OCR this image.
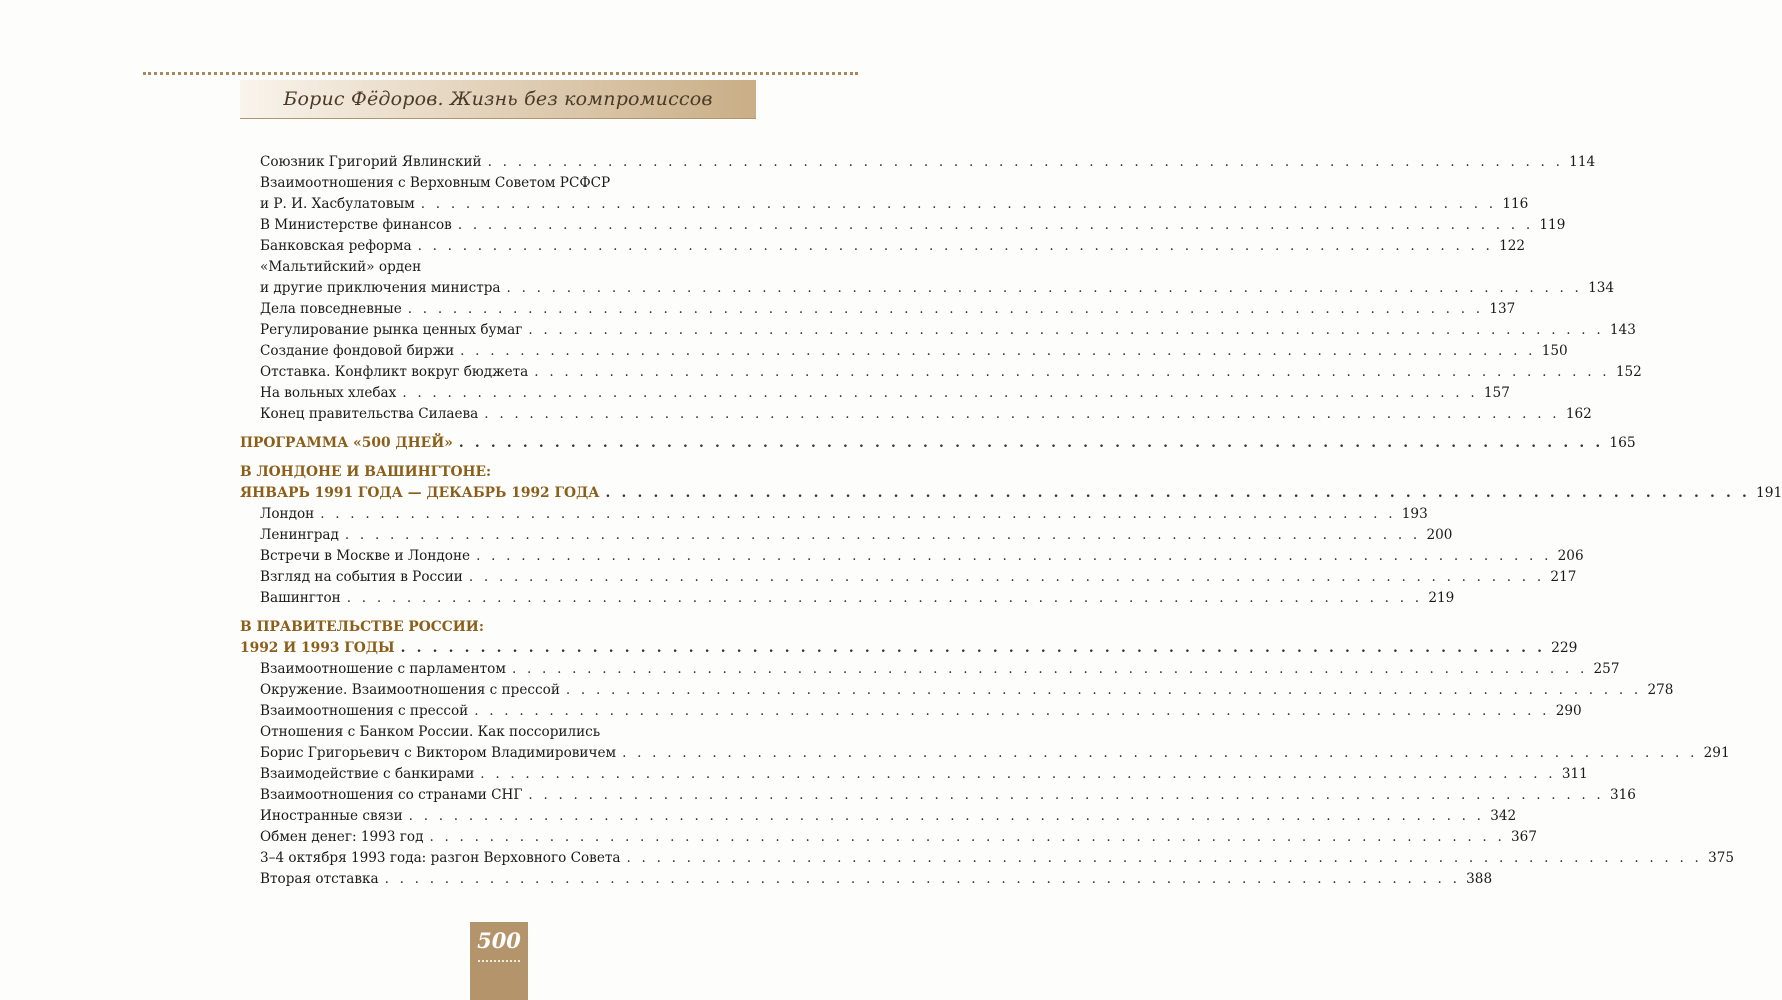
Борис Фёдоров. Жизнь без компромиссов
Союзник Григорий Явлинский . . . . . . . . . . . . . . . . . . . . . . . . . . . . . . . . . . . . . . . . . . . . . . . . . . . . . . . . . . . . . . . . . . . . . . . . 114
Взаимоотношения с Верховным Советом РСФСР
и Р. И. Хасбулатовым . . . . . . . . . . . . . . . . . . . . . . . . . . . . . . . . . . . . . . . . . . . . . . . . . . . . . . . . . . . . . . . . . . . . . . . . 116
В Министерстве финансов . . . . . . . . . . . . . . . . . . . . . . . . . . . . . . . . . . . . . . . . . . . . . . . . . . . . . . . . . . . . . . . . . . . . . . . . 119
Банковская реформа . . . . . . . . . . . . . . . . . . . . . . . . . . . . . . . . . . . . . . . . . . . . . . . . . . . . . . . . . . . . . . . . . . . . . . . . 122
«Мальтийский» орден
и другие приключения министра . . . . . . . . . . . . . . . . . . . . . . . . . . . . . . . . . . . . . . . . . . . . . . . . . . . . . . . . . . . . . . . . . . . . . . . . 134
Дела повседневные . . . . . . . . . . . . . . . . . . . . . . . . . . . . . . . . . . . . . . . . . . . . . . . . . . . . . . . . . . . . . . . . . . . . . . . . 137
Регулирование рынка ценных бумаг . . . . . . . . . . . . . . . . . . . . . . . . . . . . . . . . . . . . . . . . . . . . . . . . . . . . . . . . . . . . . . . . . . . . . . . . 143
Создание фондовой биржи . . . . . . . . . . . . . . . . . . . . . . . . . . . . . . . . . . . . . . . . . . . . . . . . . . . . . . . . . . . . . . . . . . . . . . . . 150
Отставка. Конфликт вокруг бюджета . . . . . . . . . . . . . . . . . . . . . . . . . . . . . . . . . . . . . . . . . . . . . . . . . . . . . . . . . . . . . . . . . . . . . . . . 152
На вольных хлебах . . . . . . . . . . . . . . . . . . . . . . . . . . . . . . . . . . . . . . . . . . . . . . . . . . . . . . . . . . . . . . . . . . . . . . . . 157
Конец правительства Силаева . . . . . . . . . . . . . . . . . . . . . . . . . . . . . . . . . . . . . . . . . . . . . . . . . . . . . . . . . . . . . . . . . . . . . . . . 162
ПРОГРАММА «500 ДНЕЙ» . . . . . . . . . . . . . . . . . . . . . . . . . . . . . . . . . . . . . . . . . . . . . . . . . . . . . . . . . . . . . . . . . . . . . . . . 165
В ЛОНДОНЕ И ВАШИНГТОНЕ:
ЯНВАРЬ 1991 ГОДА — ДЕКАБРЬ 1992 ГОДА . . . . . . . . . . . . . . . . . . . . . . . . . . . . . . . . . . . . . . . . . . . . . . . . . . . . . . . . . . . . . . . . . . . . . . . . 191
Лондон . . . . . . . . . . . . . . . . . . . . . . . . . . . . . . . . . . . . . . . . . . . . . . . . . . . . . . . . . . . . . . . . . . . . . . . . 193
Ленинград . . . . . . . . . . . . . . . . . . . . . . . . . . . . . . . . . . . . . . . . . . . . . . . . . . . . . . . . . . . . . . . . . . . . . . . . 200
Встречи в Москве и Лондоне . . . . . . . . . . . . . . . . . . . . . . . . . . . . . . . . . . . . . . . . . . . . . . . . . . . . . . . . . . . . . . . . . . . . . . . . 206
Взгляд на события в России . . . . . . . . . . . . . . . . . . . . . . . . . . . . . . . . . . . . . . . . . . . . . . . . . . . . . . . . . . . . . . . . . . . . . . . . 217
Вашингтон . . . . . . . . . . . . . . . . . . . . . . . . . . . . . . . . . . . . . . . . . . . . . . . . . . . . . . . . . . . . . . . . . . . . . . . . 219
В ПРАВИТЕЛЬСТВЕ РОССИИ:
1992 И 1993 ГОДЫ . . . . . . . . . . . . . . . . . . . . . . . . . . . . . . . . . . . . . . . . . . . . . . . . . . . . . . . . . . . . . . . . . . . . . . . . 229
Взаимоотношение с парламентом . . . . . . . . . . . . . . . . . . . . . . . . . . . . . . . . . . . . . . . . . . . . . . . . . . . . . . . . . . . . . . . . . . . . . . . . 257
Окружение. Взаимоотношения с прессой . . . . . . . . . . . . . . . . . . . . . . . . . . . . . . . . . . . . . . . . . . . . . . . . . . . . . . . . . . . . . . . . . . . . . . . . 278
Взаимоотношения с прессой . . . . . . . . . . . . . . . . . . . . . . . . . . . . . . . . . . . . . . . . . . . . . . . . . . . . . . . . . . . . . . . . . . . . . . . . 290
Отношения с Банком России. Как поссорились
Борис Григорьевич с Виктором Владимировичем . . . . . . . . . . . . . . . . . . . . . . . . . . . . . . . . . . . . . . . . . . . . . . . . . . . . . . . . . . . . . . . . . . . . . . . . 291
Взаимодействие с банкирами . . . . . . . . . . . . . . . . . . . . . . . . . . . . . . . . . . . . . . . . . . . . . . . . . . . . . . . . . . . . . . . . . . . . . . . . 311
Взаимоотношения со странами СНГ . . . . . . . . . . . . . . . . . . . . . . . . . . . . . . . . . . . . . . . . . . . . . . . . . . . . . . . . . . . . . . . . . . . . . . . . 316
Иностранные связи . . . . . . . . . . . . . . . . . . . . . . . . . . . . . . . . . . . . . . . . . . . . . . . . . . . . . . . . . . . . . . . . . . . . . . . . 342
Обмен денег: 1993 год . . . . . . . . . . . . . . . . . . . . . . . . . . . . . . . . . . . . . . . . . . . . . . . . . . . . . . . . . . . . . . . . . . . . . . . . 367
3–4 октября 1993 года: разгон Верховного Совета . . . . . . . . . . . . . . . . . . . . . . . . . . . . . . . . . . . . . . . . . . . . . . . . . . . . . . . . . . . . . . . . . . . . . . . . 375
Вторая отставка . . . . . . . . . . . . . . . . . . . . . . . . . . . . . . . . . . . . . . . . . . . . . . . . . . . . . . . . . . . . . . . . . . . . . . . . 388
500
